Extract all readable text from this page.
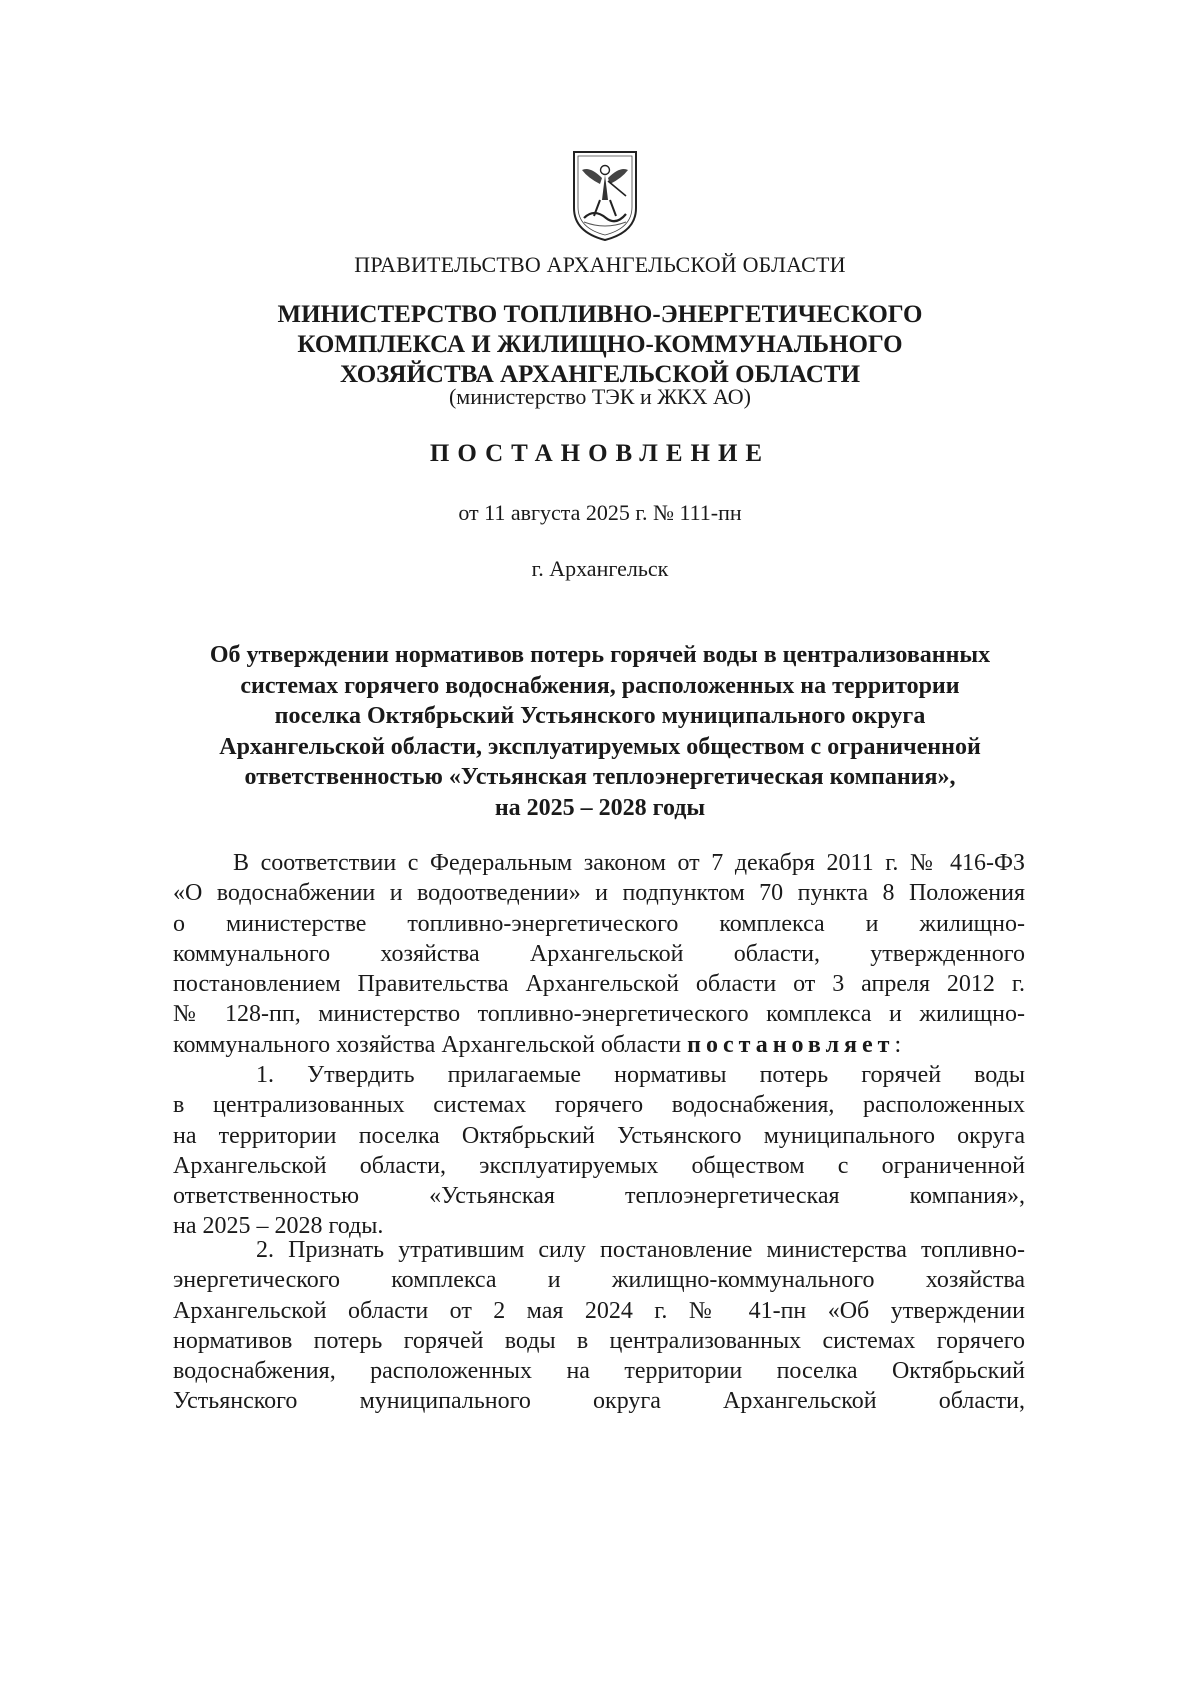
ПРАВИТЕЛЬСТВО АРХАНГЕЛЬСКОЙ ОБЛАСТИ
МИНИСТЕРСТВО ТОПЛИВНО-ЭНЕРГЕТИЧЕСКОГО
КОМПЛЕКСА И ЖИЛИЩНО-КОММУНАЛЬНОГО
ХОЗЯЙСТВА АРХАНГЕЛЬСКОЙ ОБЛАСТИ
(министерство ТЭК и ЖКХ АО)
ПОСТАНОВЛЕНИЕ
от 11 августа 2025 г. № 111-пн
г. Архангельск
Об утверждении нормативов потерь горячей воды в централизованных
системах горячего водоснабжения, расположенных на территории
поселка Октябрьский Устьянского муниципального округа
Архангельской области, эксплуатируемых обществом с ограниченной
ответственностью «Устьянская теплоэнергетическая компания»,
на 2025 – 2028 годы
В соответствии с Федеральным законом от 7 декабря 2011 г. № 416-ФЗ
«О водоснабжении и водоотведении» и подпунктом 70 пункта 8 Положения
о министерстве топливно-энергетического комплекса и жилищно-
коммунального хозяйства Архангельской области, утвержденного
постановлением Правительства Архангельской области от 3 апреля 2012 г.
№ 128-пп, министерство топливно-энергетического комплекса и жилищно-
коммунального хозяйства Архангельской области постановляет:
1. Утвердить прилагаемые нормативы потерь горячей воды
в централизованных системах горячего водоснабжения, расположенных
на территории поселка Октябрьский Устьянского муниципального округа
Архангельской области, эксплуатируемых обществом с ограниченной
ответственностью «Устьянская теплоэнергетическая компания»,
на 2025 – 2028 годы.
2. Признать утратившим силу постановление министерства топливно-
энергетического комплекса и жилищно-коммунального хозяйства
Архангельской области от 2 мая 2024 г. № 41-пн «Об утверждении
нормативов потерь горячей воды в централизованных системах горячего
водоснабжения, расположенных на территории поселка Октябрьский
Устьянского муниципального округа Архангельской области,
